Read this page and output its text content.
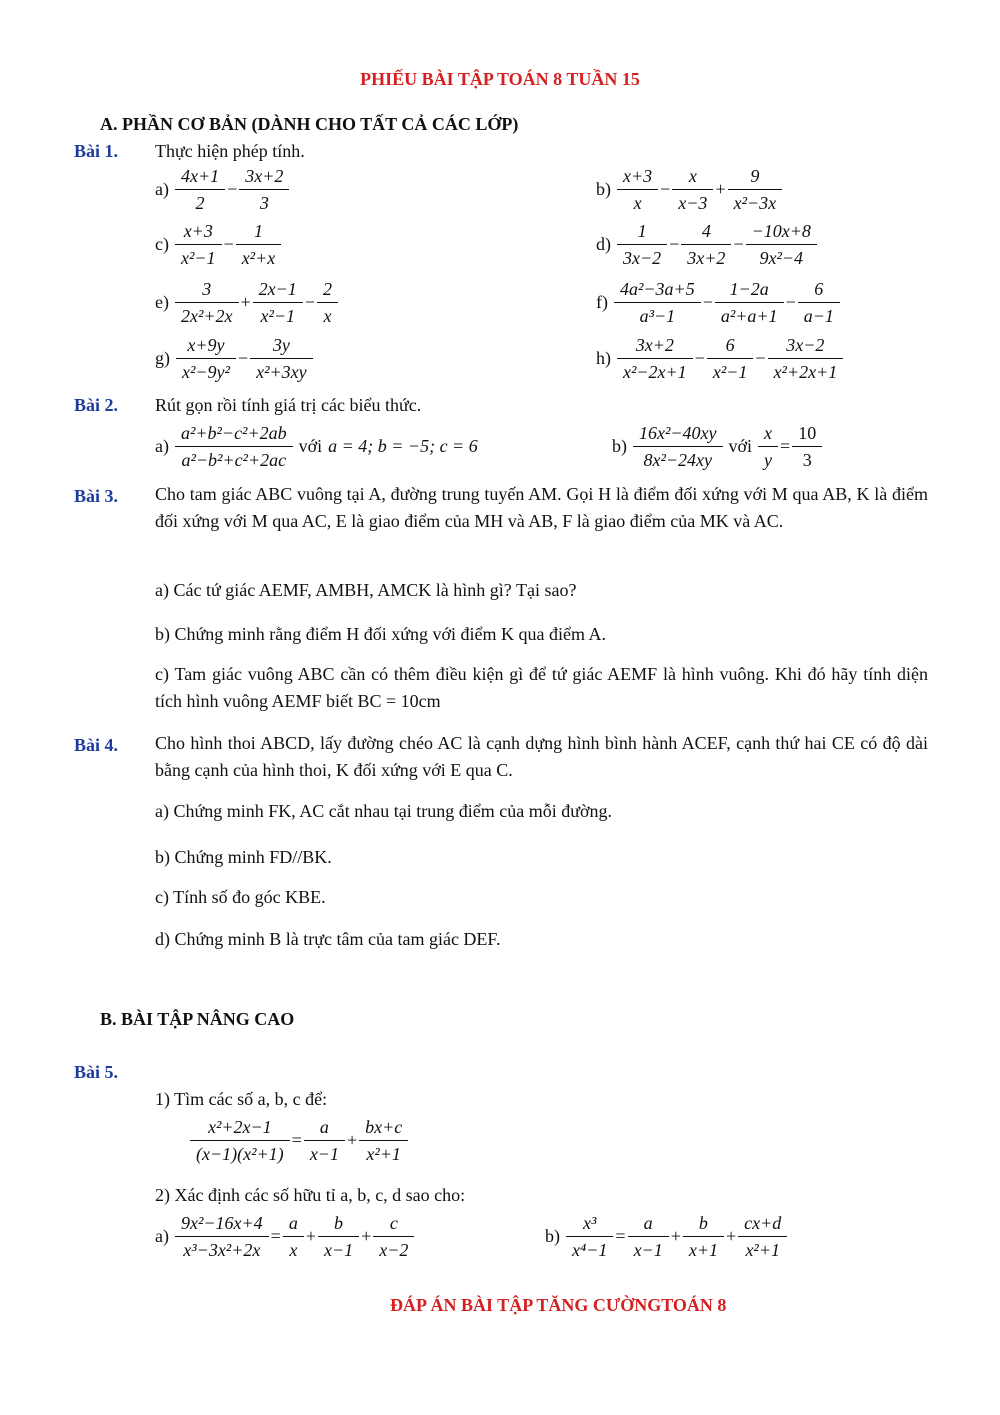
PHIẾU BÀI TẬP TOÁN 8 TUẦN 15
A. PHẦN CƠ BẢN (DÀNH CHO TẤT CẢ CÁC LỚP)
Bài 1. Thực hiện phép tính.
$a) \frac{4x+1}{2} - \frac{3x+2}{3}$	$b) \frac{x+3}{x} - \frac{x}{x-3} + \frac{9}{\text{x²−3x}}$
$c) \frac{x+3}{\text{x²−1}} - \frac{1}{\text{x²+x}}$	$d) \frac{1}{3x-2} - \frac{4}{3x+2} - \frac{-10x+8}{\text{9x²−4}}$
$e) \frac{3}{\text{2x²+2x}} + \frac{2x-1}{\text{x²−1}} - \frac{2}{x}$	$f) \frac{\text{4a²−3a+5}}{\text{a³−1}} - \frac{1-2a}{\text{a²+a+1}} - \frac{6}{a-1}$
$g) \frac{x+9y}{\text{x²−9y²}} - \frac{3y}{\text{x²+3xy}}$	$h) \frac{3x+2}{\text{x²−2x+1}} - \frac{6}{\text{x²−1}} - \frac{3x-2}{\text{x²+2x+1}}$
Bài 2. Rút gọn rồi tính giá trị các biểu thức.
$a) \frac{\text{a²+b²−c²+2ab}}{\text{a²−b²+c²+2ac}}$ với a = 4; b = −5; c = 6	$b) \frac{\text{16x²−40xy}}{\text{8x²−24xy}}$ với $\frac{x}{y} = \frac{10}{3}$
Bài 3. Cho tam giác ABC vuông tại A, đường trung tuyến AM. Gọi H là điểm đối xứng với M qua AB, K là điểm đối xứng với M qua AC, E là giao điểm của MH và AB, F là giao điểm của MK và AC.
a) Các tứ giác AEMF, AMBH, AMCK là hình gì? Tại sao?
b) Chứng minh rằng điểm H đối xứng với điểm K qua điểm A.
c) Tam giác vuông ABC cần có thêm điều kiện gì để tứ giác AEMF là hình vuông. Khi đó hãy tính diện tích hình vuông AEMF biết BC = 10cm
Bài 4. Cho hình thoi ABCD, lấy đường chéo AC là cạnh dựng hình bình hành ACEF, cạnh thứ hai CE có độ dài bằng cạnh của hình thoi, K đối xứng với E qua C.
a) Chứng minh FK, AC cắt nhau tại trung điểm của mỗi đường.
b) Chứng minh FD//BK.
c) Tính số đo góc KBE.
d) Chứng minh B là trực tâm của tam giác DEF.
B. BÀI TẬP NÂNG CAO
Bài 5.
1) Tìm các số a, b, c để:
$\frac{\text{x²+2x−1}}{\text{(x−1)(x²+1)}} = \frac{a}{x-1} + \frac{bx+c}{\text{x²+1}}$
2) Xác định các số hữu tỉ a, b, c, d sao cho:
$a) \frac{\text{9x²−16x+4}}{\text{x³−3x²+2x}} = \frac{a}{x} + \frac{b}{x-1} + \frac{c}{x-2}$	$b) \frac{\text{x³}}{\text{x⁴−1}} = \frac{a}{x-1} + \frac{b}{x+1} + \frac{cx+d}{\text{x²+1}}$
ĐÁP ÁN BÀI TẬP TĂNG CƯỜNGTOÁN 8
